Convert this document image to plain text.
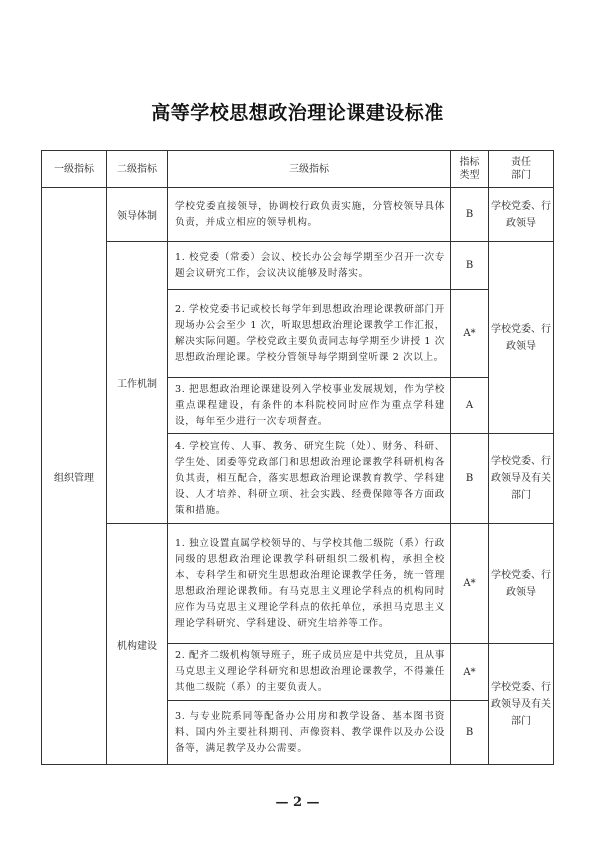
高等学校思想政治理论课建设标准
一级指标	二级指标	三级指标	指标类型	责任部门

组织管理	领导体制	学校党委直接领导，协调校行政负责实施，分管校领导具体负责，并成立相应的领导机构。	B	学校党委、行政领导
	工作机制	1. 校党委（常委）会议、校长办公会每学期至少召开一次专题会议研究工作，会议决议能够及时落实。	B	学校党委、行政领导
		2. 学校党委书记或校长每学年到思想政治理论课教研部门开现场办公会至少 1 次，听取思想政治理论课教学工作汇报，解决实际问题。学校党政主要负责同志每学期至少讲授 1 次思想政治理论课。学校分管领导每学期到堂听课 2 次以上。	A*	
		3. 把思想政治理论课建设列入学校事业发展规划，作为学校重点课程建设，有条件的本科院校同时应作为重点学科建设，每年至少进行一次专项督查。	A	
		4. 学校宣传、人事、教务、研究生院（处）、财务、科研、学生处、团委等党政部门和思想政治理论课教学科研机构各负其责，相互配合，落实思想政治理论课教育教学、学科建设、人才培养、科研立项、社会实践、经费保障等各方面政策和措施。	B	学校党委、行政领导及有关部门
	机构建设	1. 独立设置直属学校领导的、与学校其他二级院（系）行政同级的思想政治理论课教学科研组织二级机构，承担全校本、专科学生和研究生思想政治理论课教学任务，统一管理思想政治理论课教师。有马克思主义理论学科点的机构同时应作为马克思主义理论学科点的依托单位，承担马克思主义理论学科研究、学科建设、研究生培养等工作。	A*	学校党委、行政领导
		2. 配齐二级机构领导班子，班子成员应是中共党员，且从事马克思主义理论学科研究和思想政治理论课教学，不得兼任其他二级院（系）的主要负责人。	A*	学校党委、行政领导及有关部门
		3. 与专业院系同等配备办公用房和教学设备、基本图书资料、国内外主要社科期刊、声像资料、教学课件以及办公设备等，满足教学及办公需要。	B	
— 2 —
